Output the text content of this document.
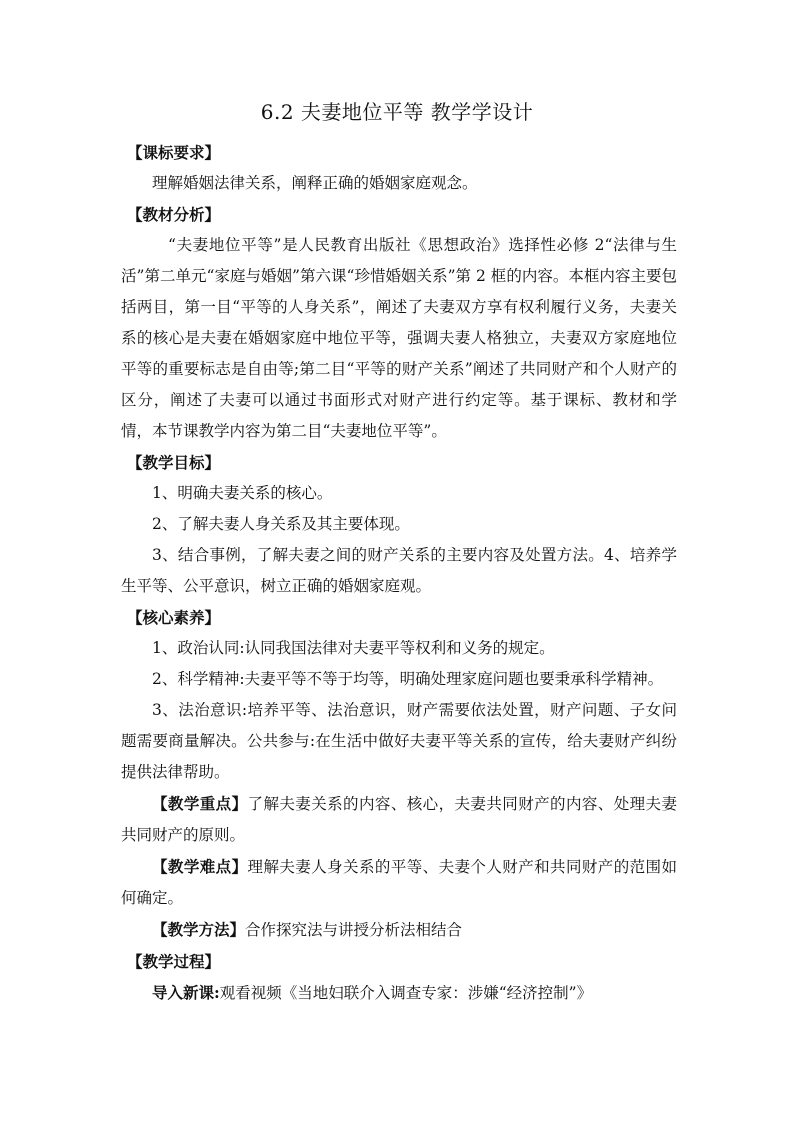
6.2 夫妻地位平等 教学学设计

【课标要求】

理解婚姻法律关系，阐释正确的婚姻家庭观念。

【教材分析】

“夫妻地位平等”是人民教育出版社《思想政治》选择性必修 2“法律与生活”第二单元“家庭与婚姻”第六课“珍惜婚姻关系”第 2 框的内容。本框内容主要包括两目，第一目“平等的人身关系”，阐述了夫妻双方享有权利履行义务，夫妻关系的核心是夫妻在婚姻家庭中地位平等，强调夫妻人格独立，夫妻双方家庭地位平等的重要标志是自由等;第二目“平等的财产关系”阐述了共同财产和个人财产的区分，阐述了夫妻可以通过书面形式对财产进行约定等。基于课标、教材和学情，本节课教学内容为第二目“夫妻地位平等”。

【教学目标】

1、明确夫妻关系的核心。

2、了解夫妻人身关系及其主要体现。

3、结合事例，了解夫妻之间的财产关系的主要内容及处置方法。4、培养学生平等、公平意识，树立正确的婚姻家庭观。

【核心素养】

1、政治认同:认同我国法律对夫妻平等权利和义务的规定。

2、科学精神:夫妻平等不等于均等，明确处理家庭问题也要秉承科学精神。

3、法治意识:培养平等、法治意识，财产需要依法处置，财产问题、子女问题需要商量解决。公共参与:在生活中做好夫妻平等关系的宣传，给夫妻财产纠纷提供法律帮助。

【教学重点】了解夫妻关系的内容、核心，夫妻共同财产的内容、处理夫妻共同财产的原则。

【教学难点】理解夫妻人身关系的平等、夫妻个人财产和共同财产的范围如何确定。

【教学方法】合作探究法与讲授分析法相结合

【教学过程】

导入新课:观看视频《当地妇联介入调查专家：涉嫌“经济控制”》
